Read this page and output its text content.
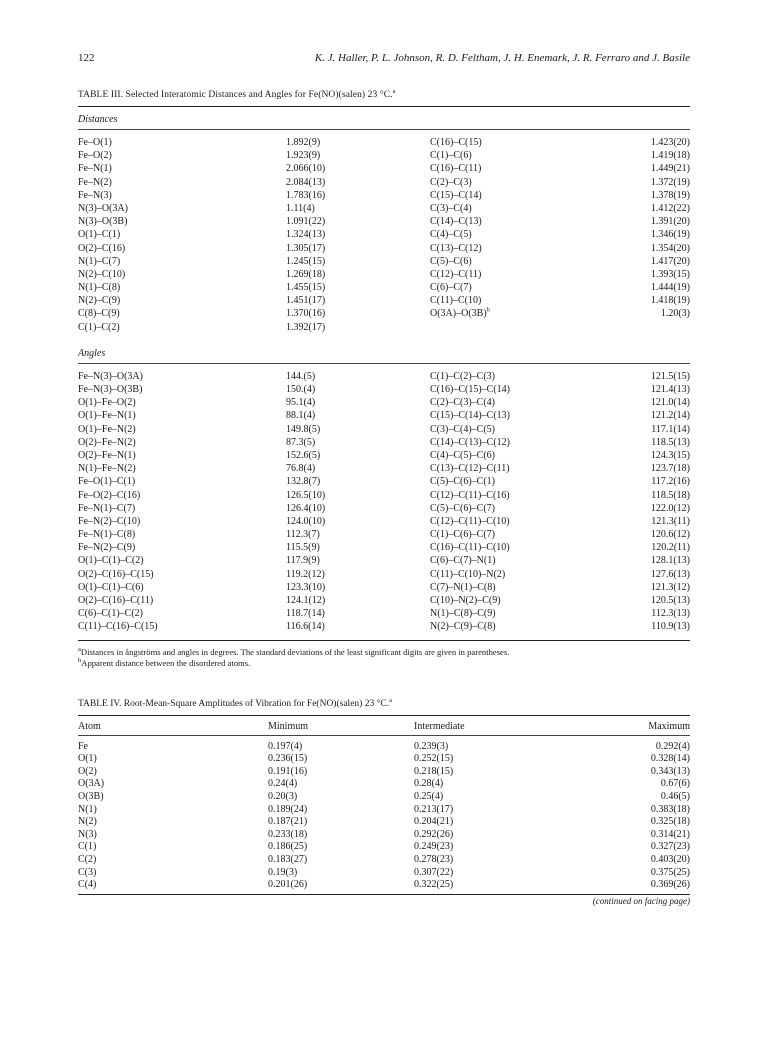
122	K. J. Haller, P. L. Johnson, R. D. Feltham, J. H. Enemark, J. R. Ferraro and J. Basile
TABLE III. Selected Interatomic Distances and Angles for Fe(NO)(salen) 23 °C.$^a$
Distances
Fe–O(1)	1.892(9)	C(16)–C(15)	1.423(20)
Fe–O(2)	1.923(9)	C(1)–C(6)	1.419(18)
Fe–N(1)	2.066(10)	C(16)–C(11)	1.449(21)
Fe–N(2)	2.084(13)	C(2)–C(3)	1.372(19)
Fe–N(3)	1.783(16)	C(15)–C(14)	1.378(19)
N(3)–O(3A)	1.11(4)	C(3)–C(4)	1.412(22)
N(3)–O(3B)	1.091(22)	C(14)–C(13)	1.391(20)
O(1)–C(1)	1.324(13)	C(4)–C(5)	1.346(19)
O(2)–C(16)	1.305(17)	C(13)–C(12)	1.354(20)
N(1)–C(7)	1.245(15)	C(5)–C(6)	1.417(20)
N(2)–C(10)	1.269(18)	C(12)–C(11)	1.393(15)
N(1)–C(8)	1.455(15)	C(6)–C(7)	1.444(19)
N(2)–C(9)	1.451(17)	C(11)–C(10)	1.418(19)
C(8)–C(9)	1.370(16)	$O(3A)-O(3B)^b$	1.20(3)
C(1)–C(2)	1.392(17)
Angles
Fe–N(3)–O(3A)	144.(5)	C(1)–C(2)–C(3)	121.5(15)
Fe–N(3)–O(3B)	150.(4)	C(16)–C(15)–C(14)	121.4(13)
O(1)–Fe–O(2)	95.1(4)	C(2)–C(3)–C(4)	121.0(14)
O(1)–Fe–N(1)	88.1(4)	C(15)–C(14)–C(13)	121.2(14)
O(1)–Fe–N(2)	149.8(5)	C(3)–C(4)–C(5)	117.1(14)
O(2)–Fe–N(2)	87.3(5)	C(14)–C(13)–C(12)	118.5(13)
O(2)–Fe–N(1)	152.6(5)	C(4)–C(5)–C(6)	124.3(15)
N(1)–Fe–N(2)	76.8(4)	C(13)–C(12)–C(11)	123.7(18)
Fe–O(1)–C(1)	132.8(7)	C(5)–C(6)–C(1)	117.2(16)
Fe–O(2)–C(16)	126.5(10)	C(12)–C(11)–C(16)	118.5(18)
Fe–N(1)–C(7)	126.4(10)	C(5)–C(6)–C(7)	122.0(12)
Fe–N(2)–C(10)	124.0(10)	C(12)–C(11)–C(10)	121.3(11)
Fe–N(1)–C(8)	112.3(7)	C(1)–C(6)–C(7)	120.6(12)
Fe–N(2)–C(9)	115.5(9)	C(16)–C(11)–C(10)	120.2(11)
O(1)–C(1)–C(2)	117.9(9)	C(6)–C(7)–N(1)	128.1(13)
O(2)–C(16)–C(15)	119.2(12)	C(11)–C(10)–N(2)	127.6(13)
O(1)–C(1)–C(6)	123.3(10)	C(7)–N(1)–C(8)	121.3(12)
O(2)–C(16)–C(11)	124.1(12)	C(10)–N(2)–C(9)	120.5(13)
C(6)–C(1)–C(2)	118.7(14)	N(1)–C(8)–C(9)	112.3(13)
C(11)–C(16)–C(15)	116.6(14)	N(2)–C(9)–C(8)	110.9(13)
$^a$Distances in ångströms and angles in degrees. The standard deviations of the least significant digits are given in parentheses.
$^b$Apparent distance between the disordered atoms.
TABLE IV. Root-Mean-Square Amplitudes of Vibration for Fe(NO)(salen) 23 °C.$^a$
Atom	Minimum	Intermediate	Maximum
Fe	0.197(4)	0.239(3)	0.292(4)
O(1)	0.236(15)	0.252(15)	0.328(14)
O(2)	0.191(16)	0.218(15)	0.343(13)
O(3A)	0.24(4)	0.28(4)	0.67(6)
O(3B)	0.20(3)	0.25(4)	0.46(5)
N(1)	0.189(24)	0.213(17)	0.383(18)
N(2)	0.187(21)	0.204(21)	0.325(18)
N(3)	0.233(18)	0.292(26)	0.314(21)
C(1)	0.186(25)	0.249(23)	0.327(23)
C(2)	0.183(27)	0.278(23)	0.403(20)
C(3)	0.19(3)	0.307(22)	0.375(25)
C(4)	0.201(26)	0.322(25)	0.369(26)
(continued on facing page)
